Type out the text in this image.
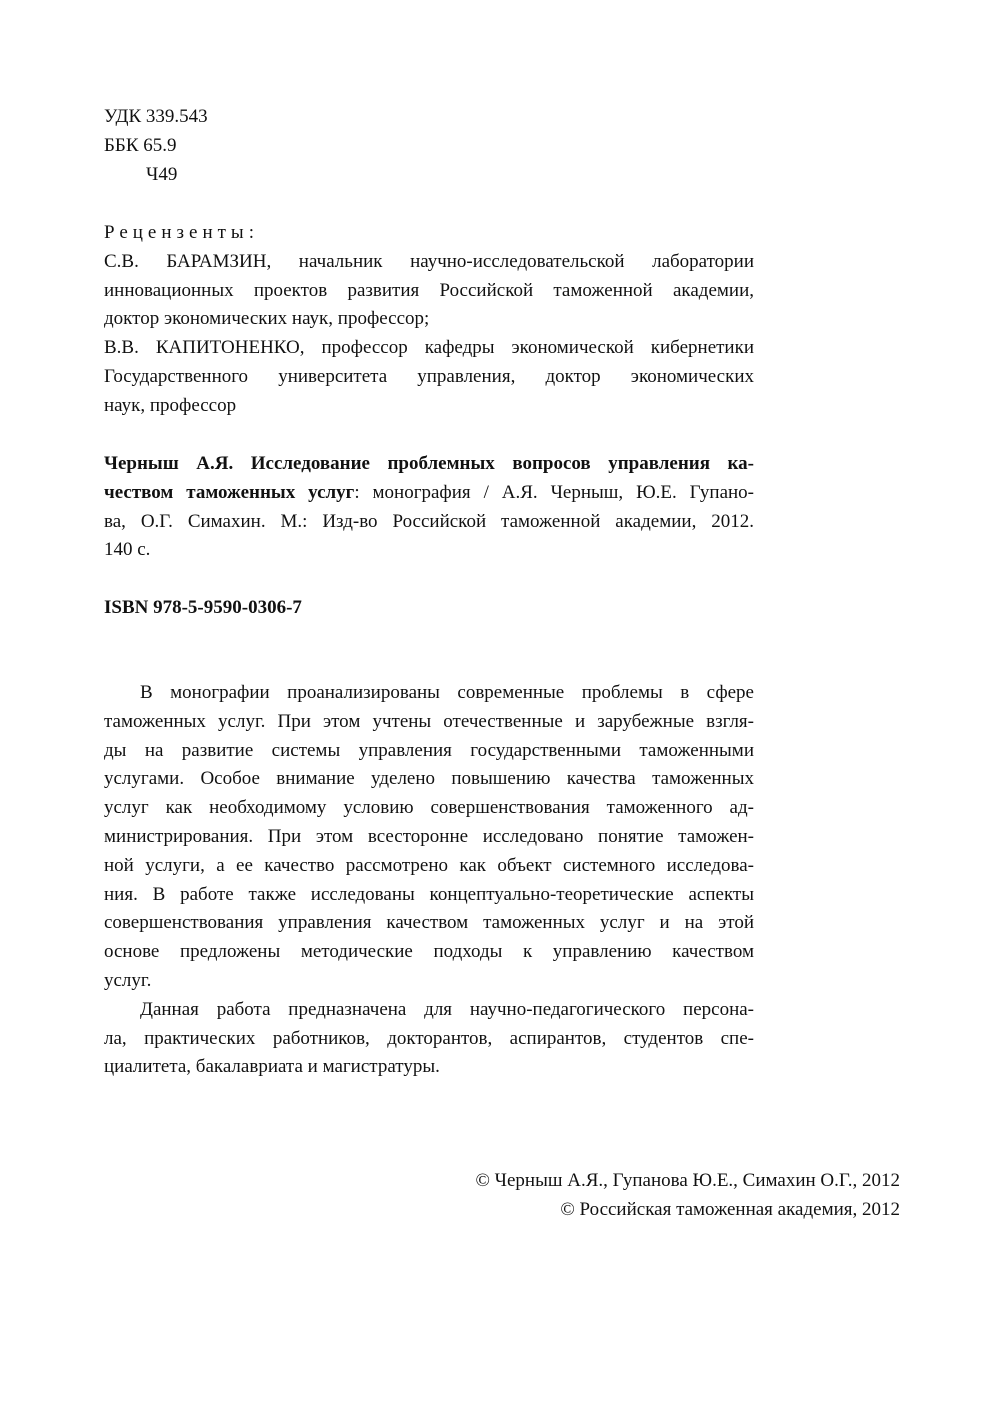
УДК 339.543
ББК 65.9
Ч49
Рецензенты:
С.В. БАРАМЗИН, начальник научно-исследовательской лаборатории
инновационных проектов развития Российской таможенной академии,
доктор экономических наук, профессор;
В.В. КАПИТОНЕНКО, профессор кафедры экономической кибернетики
Государственного университета управления, доктор экономических
наук, профессор
Черныш А.Я. Исследование проблемных вопросов управления ка-
чеством таможенных услуг: монография / А.Я. Черныш, Ю.Е. Гупано-
ва, О.Г. Симахин. М.: Изд-во Российской таможенной академии, 2012.
140 с.
ISBN 978-5-9590-0306-7
В монографии проанализированы современные проблемы в сфере
таможенных услуг. При этом учтены отечественные и зарубежные взгля-
ды на развитие системы управления государственными таможенными
услугами. Особое внимание уделено повышению качества таможенных
услуг как необходимому условию совершенствования таможенного ад-
министрирования. При этом всесторонне исследовано понятие таможен-
ной услуги, а ее качество рассмотрено как объект системного исследова-
ния. В работе также исследованы концептуально-теоретические аспекты
совершенствования управления качеством таможенных услуг и на этой
основе предложены методические подходы к управлению качеством
услуг.
Данная работа предназначена для научно-педагогического персона-
ла, практических работников, докторантов, аспирантов, студентов спе-
циалитета, бакалавриата и магистратуры.
© Черныш А.Я., Гупанова Ю.Е., Симахин О.Г., 2012
© Российская таможенная академия, 2012
